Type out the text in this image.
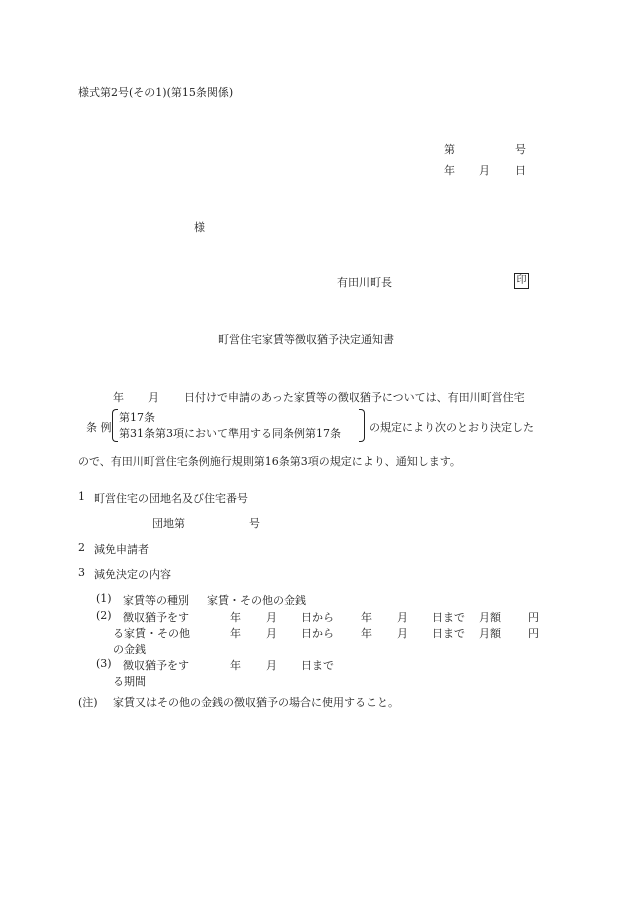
様式第2号(その1)(第15条関係)
第	号
年 月 日
様
有田川町長	印
町営住宅家賃等徴収猶予決定通知書
年 月 日付けで申請のあった家賃等の徴収猶予については、有田川町営住宅
条 例
第17条
第31条第3項において準用する同条例第17条	の規定により次のとおり決定した
ので、有田川町営住宅条例施行規則第16条第3項の規定により、通知します。
1 町営住宅の団地名及び住宅番号
団地第	号
2 減免申請者
3 減免決定の内容
(1) 家賃等の種別 家賃・その他の金銭
(2) 徴収猶予をす	年 月 日から 年 月 日まで 月額 円
る家賃・その他	年 月 日から 年 月 日まで 月額 円
の金銭
(3) 徴収猶予をす	年 月 日まで
る期間
(注) 家賃又はその他の金銭の徴収猶予の場合に使用すること。
